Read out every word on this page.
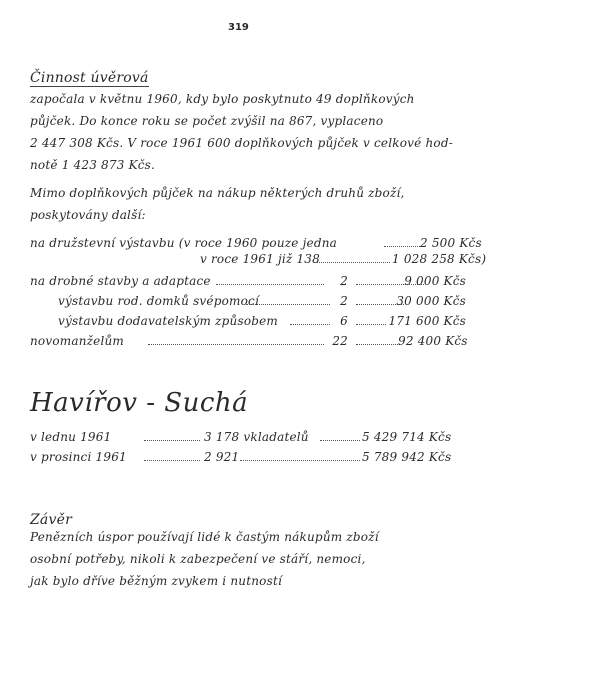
319
Činnost úvěrová
započala v květnu 1960, kdy bylo poskytnuto 49 doplňkových
půjček. Do konce roku se počet zvýšil na 867, vyplaceno
2 447 308 Kčs. V roce 1961 600 doplňkových půjček v celkové hod-
notě 1 423 873 Kčs.
Mimo doplňkových půjček na nákup některých druhů zboží,
poskytovány další:
na družstevní výstavbu (v roce 1960 pouze jedna	2 500 Kčs
v roce 1961 již 138	1 028 258 Kčs)
na drobné stavby a adaptace	2	9 000 Kčs
výstavbu rod. domků svépomocí	2	30 000 Kčs
výstavbu dodavatelským způsobem	6	171 600 Kčs
novomanželům	22	92 400 Kčs
Havířov - Suchá
v lednu 1961	3 178 vkladatelů	5 429 714 Kčs
v prosinci 1961	2 921	5 789 942 Kčs
Závěr
Penězních úspor používají lidé k častým nákupům zboží
osobní potřeby, nikoli k zabezpečení ve stáří, nemoci,
jak bylo dříve běžným zvykem i nutností
